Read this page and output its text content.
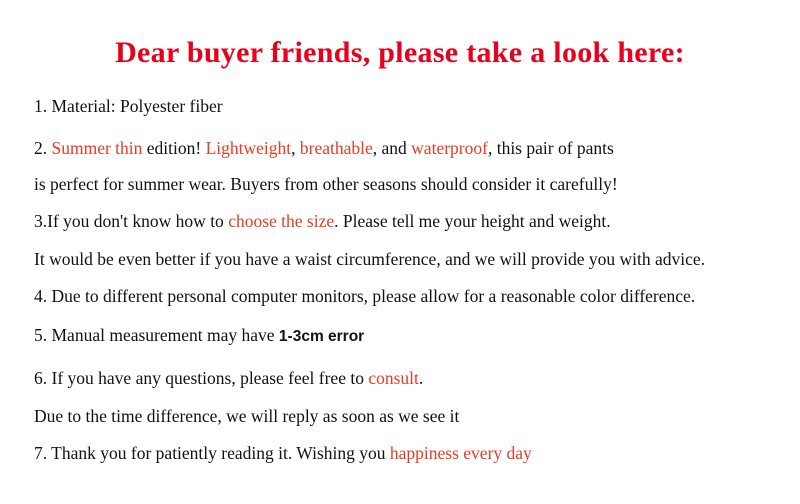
Dear buyer friends, please take a look here:
1. Material: Polyester fiber
2. Summer thin edition! Lightweight, breathable, and waterproof, this pair of pants
is perfect for summer wear. Buyers from other seasons should consider it carefully!
3.If you don't know how to choose the size. Please tell me your height and weight.
It would be even better if you have a waist circumference, and we will provide you with advice.
4. Due to different personal computer monitors, please allow for a reasonable color difference.
5. Manual measurement may have 1-3cm error
6. If you have any questions, please feel free to consult.
Due to the time difference, we will reply as soon as we see it
7. Thank you for patiently reading it. Wishing you happiness every day
